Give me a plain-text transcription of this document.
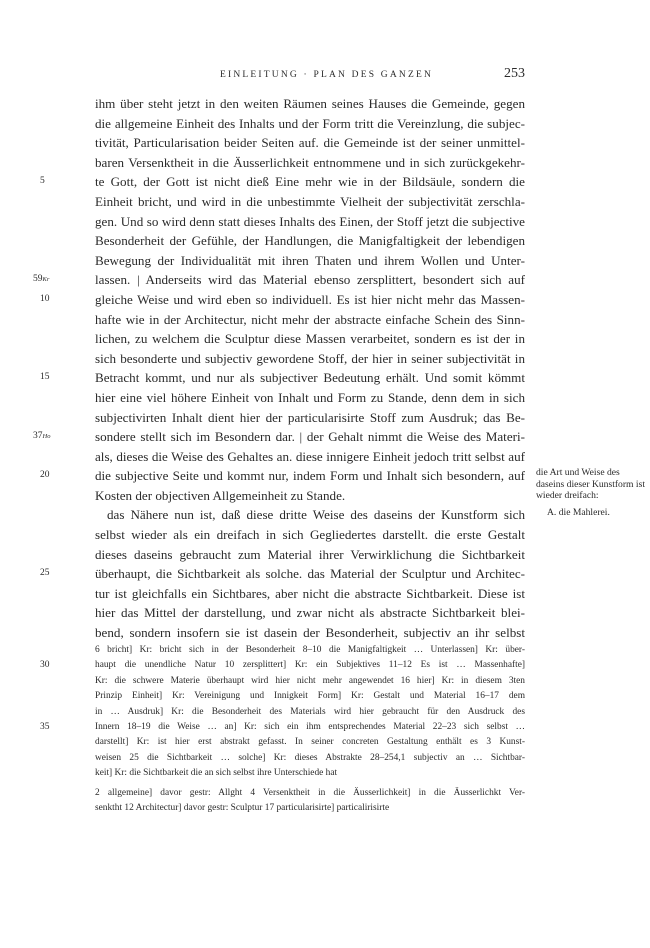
EINLEITUNG · PLAN DES GANZEN	253
ihm über steht jetzt in den weiten Räumen seines Hauses die Gemeinde, gegen
die allgemeine Einheit des Inhalts und der Form tritt die Vereinzlung, die subjec-
tivität, Particularisation beider Seiten auf. die Gemeinde ist der seiner unmittel-
baren Versenktheit in die Äusserlichkeit entnommene und in sich zurückgekehr-
5	te Gott, der Gott ist nicht dieß Eine mehr wie in der Bildsäule, sondern die
Einheit bricht, und wird in die unbestimmte Vielheit der subjectivität zerschla-
gen. Und so wird denn statt dieses Inhalts des Einen, der Stoff jetzt die subjective
Besonderheit der Gefühle, der Handlungen, die Manigfaltigkeit der lebendigen
Bewegung der Individualität mit ihren Thaten und ihrem Wollen und Unter-
59Kr	lassen. | Anderseits wird das Material ebenso zersplittert, besondert sich auf
10	gleiche Weise und wird eben so individuell. Es ist hier nicht mehr das Massen-
hafte wie in der Architectur, nicht mehr der abstracte einfache Schein des Sinn-
lichen, zu welchem die Sculptur diese Massen verarbeitet, sondern es ist der in
sich besonderte und subjectiv gewordene Stoff, der hier in seiner subjectivität in
15	Betracht kommt, und nur als subjectiver Bedeutung erhält. Und somit kömmt
hier eine viel höhere Einheit von Inhalt und Form zu Stande, denn dem in sich
subjectivirten Inhalt dient hier der particularisirte Stoff zum Ausdruk; das Be-
37Ho	sondere stellt sich im Besondern dar. | der Gehalt nimmt die Weise des Materi-
als, dieses die Weise des Gehaltes an. diese innigere Einheit jedoch tritt selbst auf
20	die subjective Seite und kommt nur, indem Form und Inhalt sich besondern, auf
Kosten der objectiven Allgemeinheit zu Stande.
das Nähere nun ist, daß diese dritte Weise des daseins der Kunstform sich
selbst wieder als ein dreifach in sich Gegliedertes darstellt. die erste Gestalt
dieses daseins gebraucht zum Material ihrer Verwirklichung die Sichtbarkeit
25	überhaupt, die Sichtbarkeit als solche. das Material der Sculptur und Architec-
tur ist gleichfalls ein Sichtbares, aber nicht die abstracte Sichtbarkeit. Diese ist
hier das Mittel der darstellung, und zwar nicht als abstracte Sichtbarkeit blei-
bend, sondern insofern sie ist dasein der Besonderheit, subjectiv an ihr selbst
die Art und Weise des daseins dieser Kunstform ist wieder dreifach:
A. die Mahlerei.
6 bricht] Kr: bricht sich in der Besonderheit 8–10 die Manigfaltigkeit … Unterlassen] Kr: über-
30	haupt die unendliche Natur 10 zersplittert] Kr: ein Subjektives 11–12 Es ist … Massenhafte]
Kr: die schwere Materie überhaupt wird hier nicht mehr angewendet 16 hier] Kr: in diesem 3ten
Prinzip Einheit] Kr: Vereinigung und Innigkeit Form] Kr: Gestalt und Material 16–17 dem
in … Ausdruk] Kr: die Besonderheit des Materials wird hier gebraucht für den Ausdruck des
35	Innern 18–19 die Weise … an] Kr: sich ein ihm entsprechendes Material 22–23 sich selbst …
darstellt] Kr: ist hier erst abstrakt gefasst. In seiner concreten Gestaltung enthält es 3 Kunst-
weisen 25 die Sichtbarkeit … solche] Kr: dieses Abstrakte 28–254,1 subjectiv an … Sichtbar-
keit] Kr: die Sichtbarkeit die an sich selbst ihre Unterschiede hat
2 allgemeine] davor gestr: Allght 4 Versenktheit in die Äusserlichkeit] in die Äusserlichkt Ver-
senktht 12 Architectur] davor gestr: Sculptur 17 particularisirte] particalirisirte
